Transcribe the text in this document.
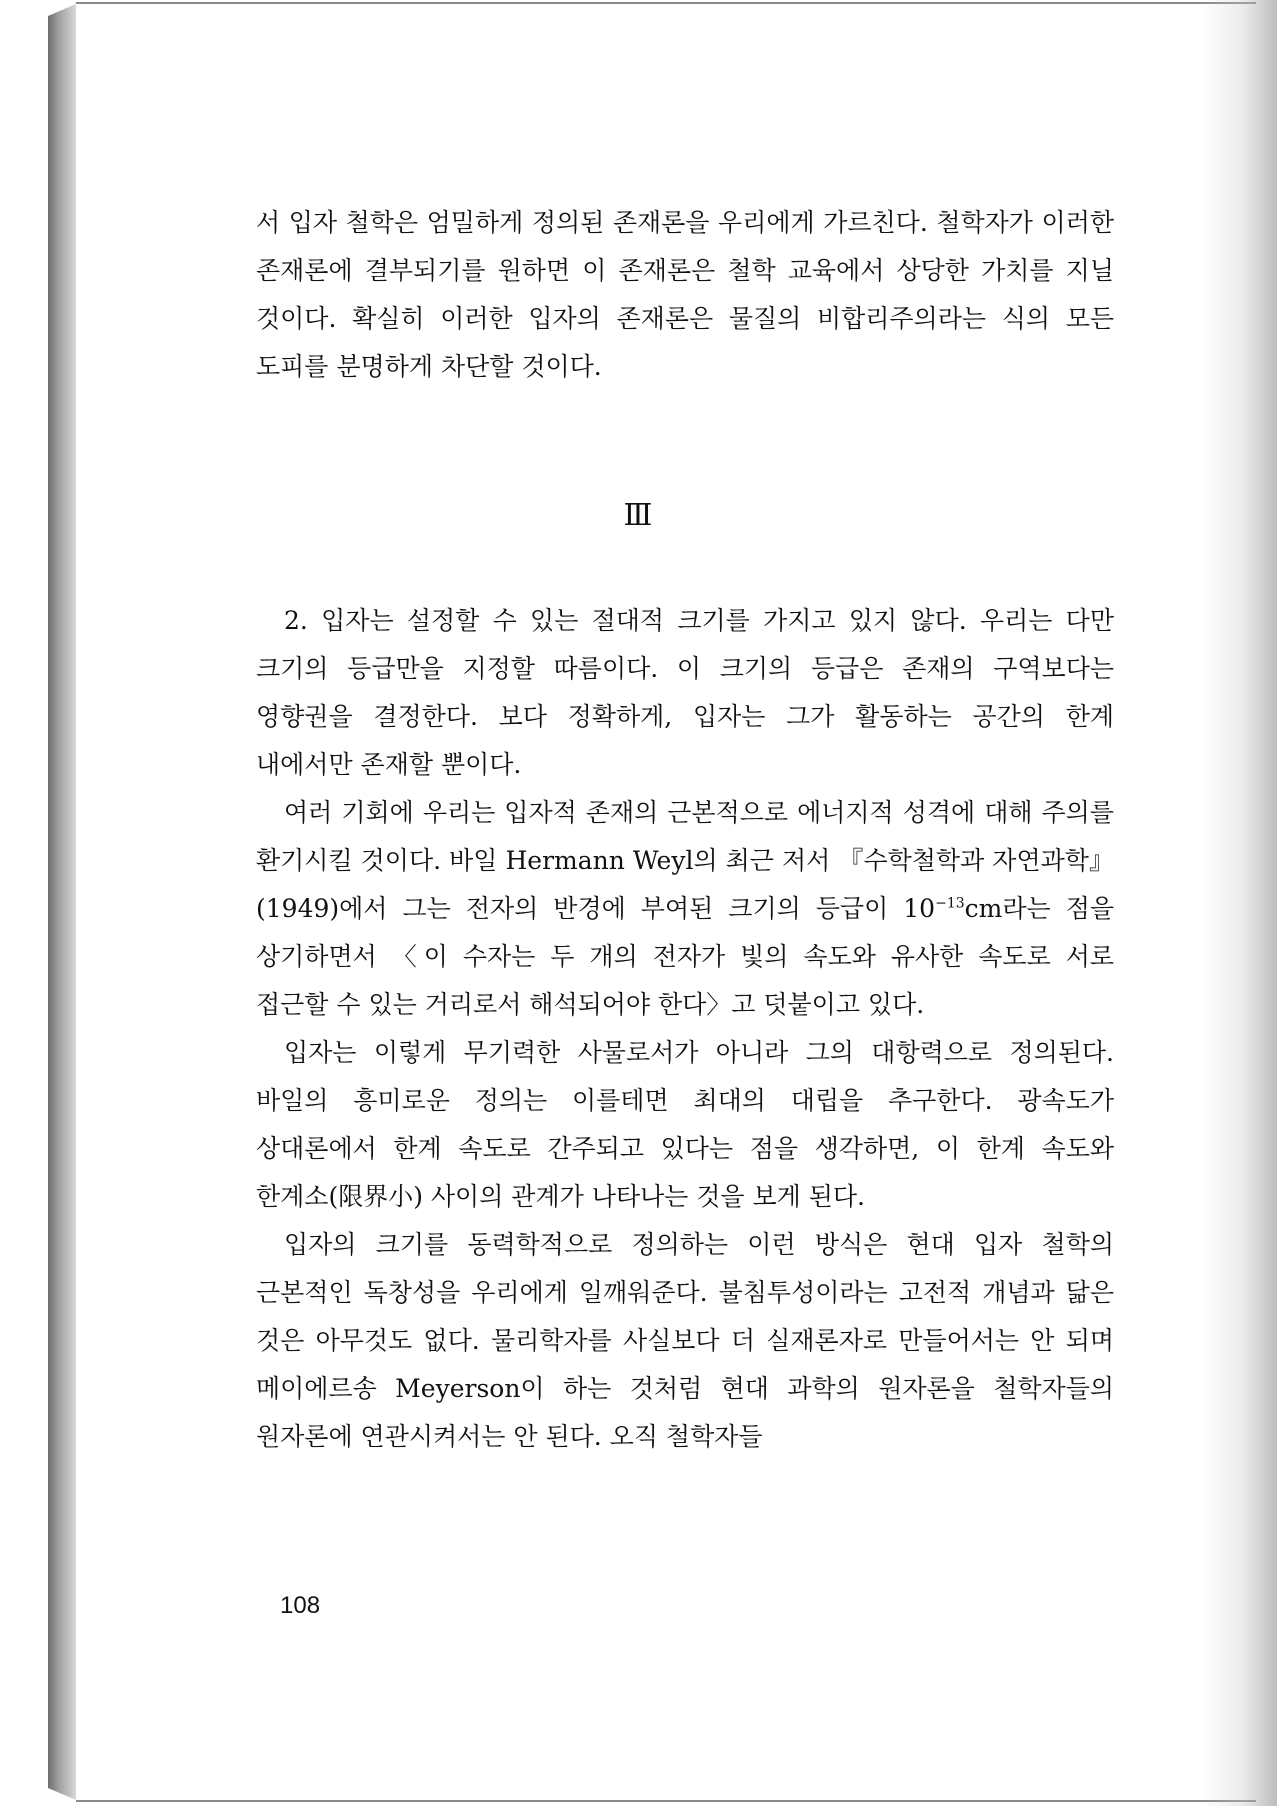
서 입자 철학은 엄밀하게 정의된 존재론을 우리에게 가르친다. 철학자가 이러한 존재론에 결부되기를 원하면 이 존재론은 철학 교육에서 상당한 가치를 지닐 것이다. 확실히 이러한 입자의 존재론은 물질의 비합리주의라는 식의 모든 도피를 분명하게 차단할 것이다.

Ⅲ

2. 입자는 설정할 수 있는 절대적 크기를 가지고 있지 않다. 우리는 다만 크기의 등급만을 지정할 따름이다. 이 크기의 등급은 존재의 구역보다는 영향권을 결정한다. 보다 정확하게, 입자는 그가 활동하는 공간의 한계 내에서만 존재할 뿐이다.

여러 기회에 우리는 입자적 존재의 근본적으로 에너지적 성격에 대해 주의를 환기시킬 것이다. 바일 Hermann Weyl의 최근 저서 『수학철학과 자연과학』(1949)에서 그는 전자의 반경에 부여된 크기의 등급이 $10^{-13}cm$라는 점을 상기하면서 〈이 수자는 두 개의 전자가 빛의 속도와 유사한 속도로 서로 접근할 수 있는 거리로서 해석되어야 한다〉고 덧붙이고 있다.

입자는 이렇게 무기력한 사물로서가 아니라 그의 대항력으로 정의된다. 바일의 흥미로운 정의는 이를테면 최대의 대립을 추구한다. 광속도가 상대론에서 한계 속도로 간주되고 있다는 점을 생각하면, 이 한계 속도와 한계소(限界小) 사이의 관계가 나타나는 것을 보게 된다.

입자의 크기를 동력학적으로 정의하는 이런 방식은 현대 입자 철학의 근본적인 독창성을 우리에게 일깨워준다. 불침투성이라는 고전적 개념과 닮은 것은 아무것도 없다. 물리학자를 사실보다 더 실재론자로 만들어서는 안 되며 메이에르송 Meyerson이 하는 것처럼 현대 과학의 원자론을 철학자들의 원자론에 연관시켜서는 안 된다. 오직 철학자들

108
